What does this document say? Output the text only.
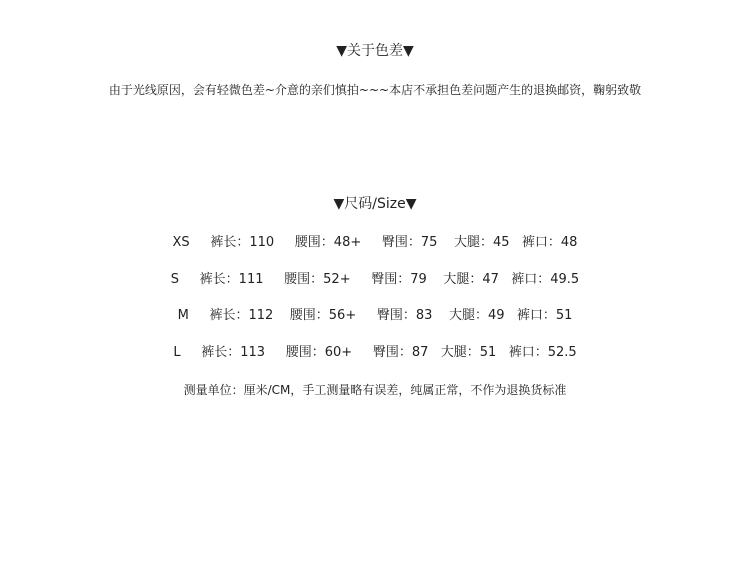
▼关于色差▼
由于光线原因，会有轻微色差~介意的亲们慎拍~~~本店不承担色差问题产生的退换邮资，鞠躬致敬
▼尺码/Size▼
XS     裤长：110     腰围：48+     臀围：75    大腿：45   裤口：48
S     裤长：111     腰围：52+     臀围：79    大腿：47   裤口：49.5
M     裤长：112    腰围：56+     臀围：83    大腿：49   裤口：51
L     裤长：113     腰围：60+     臀围：87   大腿：51   裤口：52.5
测量单位：厘米/CM，手工测量略有误差，纯属正常，不作为退换货标准
